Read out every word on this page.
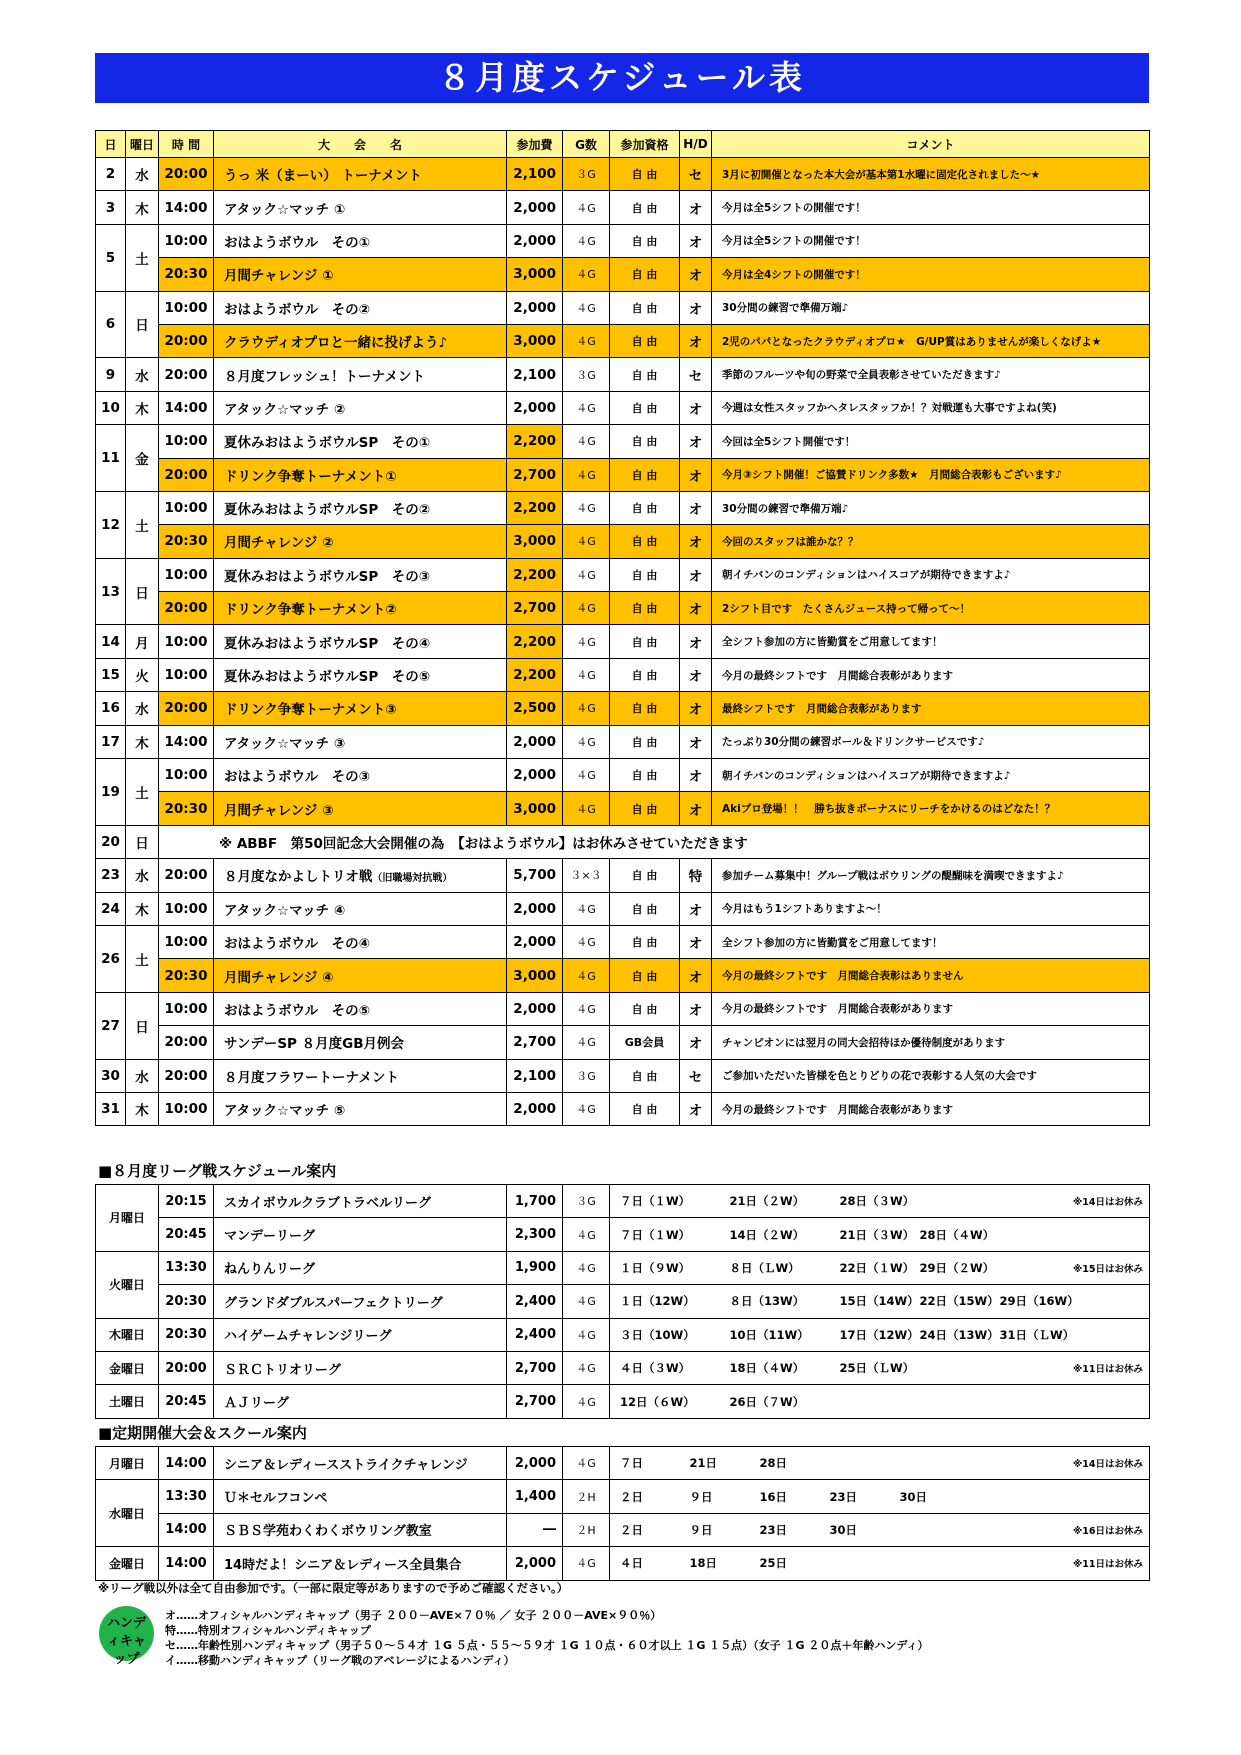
８月度スケジュール表
日	曜日	時 間	大　　会　　名	参加費	G数	参加資格	H/D	コメント
2	水	20:00	うっ 米（まーい） トーナメント	2,100	３G	自 由	セ	3月に初開催となった本大会が基本第1水曜に固定化されました～★
3	木	14:00	アタック☆マッチ ①	2,000	４G	自 由	オ	今月は全5シフトの開催です！
5	土	10:00	おはようボウル　その①	2,000	４G	自 由	オ	今月は全5シフトの開催です！
		20:30	月間チャレンジ ①	3,000	４G	自 由	オ	今月は全4シフトの開催です！
6	日	10:00	おはようボウル　その②	2,000	４G	自 由	オ	30分間の練習で準備万端♪
		20:00	クラウディオプロと一緒に投げよう♪	3,000	４G	自 由	オ	2児のパパとなったクラウディオプロ★　G/UP賞はありませんが楽しくなげよ★
9	水	20:00	８月度フレッシュ！トーナメント	2,100	３G	自 由	セ	季節のフルーツや旬の野菜で全員表彰させていただきます♪
10	木	14:00	アタック☆マッチ ②	2,000	４G	自 由	オ	今週は女性スタッフかヘタレスタッフか！？対戦運も大事ですよね(笑)
11	金	10:00	夏休みおはようボウルSP　その①	2,200	４G	自 由	オ	今回は全5シフト開催です！
		20:00	ドリンク争奪トーナメント①	2,700	４G	自 由	オ	今月③シフト開催！ご協賛ドリンク多数★　月間総合表彰もございます♪
12	土	10:00	夏休みおはようボウルSP　その②	2,200	４G	自 由	オ	30分間の練習で準備万端♪
		20:30	月間チャレンジ ②	3,000	４G	自 由	オ	今回のスタッフは誰かな？？
13	日	10:00	夏休みおはようボウルSP　その③	2,200	４G	自 由	オ	朝イチバンのコンディションはハイスコアが期待できますよ♪
		20:00	ドリンク争奪トーナメント②	2,700	４G	自 由	オ	2シフト目です　たくさんジュース持って帰って～！
14	月	10:00	夏休みおはようボウルSP　その④	2,200	４G	自 由	オ	全シフト参加の方に皆勤賞をご用意してます！
15	火	10:00	夏休みおはようボウルSP　その⑤	2,200	４G	自 由	オ	今月の最終シフトです　月間総合表彰があります
16	水	20:00	ドリンク争奪トーナメント③	2,500	４G	自 由	オ	最終シフトです　月間総合表彰があります
17	木	14:00	アタック☆マッチ ③	2,000	４G	自 由	オ	たっぷり30分間の練習ボール＆ドリンクサービスです♪
19	土	10:00	おはようボウル　その③	2,000	４G	自 由	オ	朝イチバンのコンディションはハイスコアが期待できますよ♪
		20:30	月間チャレンジ ③	3,000	４G	自 由	オ	Akiプロ登場！！　勝ち抜きボーナスにリーチをかけるのはどなた！？
20	日	※ ABBF　第50回記念大会開催の為　【おはようボウル】はお休みさせていただきます						
23	水	20:00	８月度なかよしトリオ戦（旧職場対抗戦）	5,700	３×３	自 由	特	参加チーム募集中！グループ戦はボウリングの醍醐味を満喫できますよ♪
24	木	10:00	アタック☆マッチ ④	2,000	４G	自 由	オ	今月はもう1シフトありますよ～！
26	土	10:00	おはようボウル　その④	2,000	４G	自 由	オ	全シフト参加の方に皆勤賞をご用意してます！
		20:30	月間チャレンジ ④	3,000	４G	自 由	オ	今月の最終シフトです　月間総合表彰はありません
27	日	10:00	おはようボウル　その⑤	2,000	４G	自 由	オ	今月の最終シフトです　月間総合表彰があります
		20:00	サンデーSP ８月度GB月例会	2,700	４G	GB会員	オ	チャンピオンには翌月の同大会招待ほか優待制度があります
30	水	20:00	８月度フラワートーナメント	2,100	３G	自 由	セ	ご参加いただいた皆様を色とりどりの花で表彰する人気の大会です
31	木	10:00	アタック☆マッチ ⑤	2,000	４G	自 由	オ	今月の最終シフトです　月間総合表彰があります
■８月度リーグ戦スケジュール案内
月曜日	20:15	スカイボウルクラブトラベルリーグ	1,700	３G	７日（１W）	21日（２W）	28日（３W）			※14日はお休み
	20:45	マンデーリーグ	2,300	４G	７日（１W）	14日（２W）	21日（３W）	28日（４W）		
火曜日	13:30	ねんりんリーグ	1,900	４G	１日（９W）	８日（ＬW）	22日（１W）	29日（２W）		※15日はお休み
	20:30	グランドダブルスパーフェクトリーグ	2,400	４G	１日（12W）	８日（13W）	15日（14W）	22日（15W）	29日（16W）	
木曜日	20:30	ハイゲームチャレンジリーグ	2,400	４G	３日（10W）	10日（11W）	17日（12W）	24日（13W）	31日（ＬW）	
金曜日	20:00	ＳＲＣトリオリーグ	2,700	４G	４日（３W）	18日（４W）	25日（ＬW）			※11日はお休み
土曜日	20:45	ＡＪリーグ	2,700	４G	12日（６W）	26日（７W）				
■定期開催大会＆スクール案内
月曜日	14:00	シニア＆レディースストライクチャレンジ	2,000	４G	７日	21日	28日			※14日はお休み
水曜日	13:30	Ｕ＊セルフコンペ	1,400	２H	２日	９日	16日	23日	30日	
	14:00	ＳＢＳ学苑わくわくボウリング教室	―	２H	２日	９日	23日	30日		※16日はお休み
金曜日	14:00	14時だよ！シニア＆レディース全員集合	2,000	４G	４日	18日	25日			※11日はお休み
※リーグ戦以外は全て自由参加です。（一部に限定等がありますので予めご確認ください。）
ハンディキャップ
オ……オフィシャルハンディキャップ（男子 ２００－AVE×７０％ ／ 女子 ２００－AVE×９０％）
特……特別オフィシャルハンディキャップ
セ……年齢性別ハンディキャップ（男子５０～５４才 １G ５点・５５～５９才 １G １０点・６０才以上 １G １５点）（女子 １G ２０点＋年齢ハンディ）
イ……移動ハンディキャップ（リーグ戦のアベレージによるハンディ）
